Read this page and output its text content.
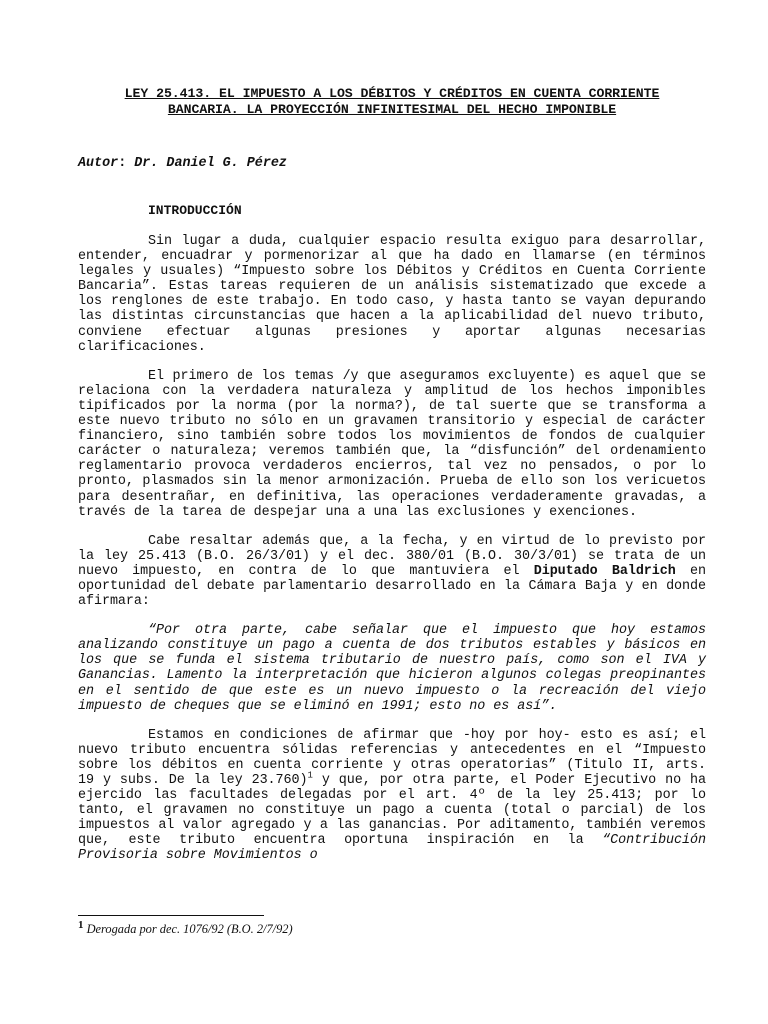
LEY 25.413. EL IMPUESTO A LOS DÉBITOS Y CRÉDITOS EN CUENTA CORRIENTE
BANCARIA. LA PROYECCIÓN INFINITESIMAL DEL HECHO IMPONIBLE

Autor: Dr. Daniel G. Pérez
INTRODUCCIÓN

Sin lugar a duda, cualquier espacio resulta exiguo para desarrollar, entender, encuadrar y pormenorizar al que ha dado en llamarse (en términos legales y usuales) “Impuesto sobre los Débitos y Créditos en Cuenta Corriente Bancaria”. Estas tareas requieren de un análisis sistematizado que excede a los renglones de este trabajo. En todo caso, y hasta tanto se vayan depurando las distintas circunstancias que hacen a la aplicabilidad del nuevo tributo, conviene efectuar algunas presiones y aportar algunas necesarias clarificaciones.

El primero de los temas /y que aseguramos excluyente) es aquel que se relaciona con la verdadera naturaleza y amplitud de los hechos imponibles tipificados por la norma (por la norma?), de tal suerte que se transforma a este nuevo tributo no sólo en un gravamen transitorio y especial de carácter financiero, sino también sobre todos los movimientos de fondos de cualquier carácter o naturaleza; veremos también que, la “disfunción” del ordenamiento reglamentario provoca verdaderos encierros, tal vez no pensados, o por lo pronto, plasmados sin la menor armonización. Prueba de ello son los vericuetos para desentrañar, en definitiva, las operaciones verdaderamente gravadas, a través de la tarea de despejar una a una las exclusiones y exenciones.

Cabe resaltar además que, a la fecha, y en virtud de lo previsto por la ley 25.413 (B.O. 26/3/01) y el dec. 380/01 (B.O. 30/3/01) se trata de un nuevo impuesto, en contra de lo que mantuviera el Diputado Baldrich en oportunidad del debate parlamentario desarrollado en la Cámara Baja y en donde afirmara:

“Por otra parte, cabe señalar que el impuesto que hoy estamos analizando constituye un pago a cuenta de dos tributos estables y básicos en los que se funda el sistema tributario de nuestro país, como son el IVA y Ganancias. Lamento la interpretación que hicieron algunos colegas preopinantes en el sentido de que este es un nuevo impuesto o la recreación del viejo impuesto de cheques que se eliminó en 1991; esto no es así”.

Estamos en condiciones de afirmar que -hoy por hoy- esto es así; el nuevo tributo encuentra sólidas referencias y antecedentes en el “Impuesto sobre los débitos en cuenta corriente y otras operatorias” (Titulo II, arts. 19 y subs. De la ley 23.760)$^1$ y que, por otra parte, el Poder Ejecutivo no ha ejercido las facultades delegadas por el art. 4º de la ley 25.413; por lo tanto, el gravamen no constituye un pago a cuenta (total o parcial) de los impuestos al valor agregado y a las ganancias. Por aditamento, también veremos que, este tributo encuentra oportuna inspiración en la “Contribución Provisoria sobre Movimientos o

$^1$ Derogada por dec. 1076/92 (B.O. 2/7/92)
